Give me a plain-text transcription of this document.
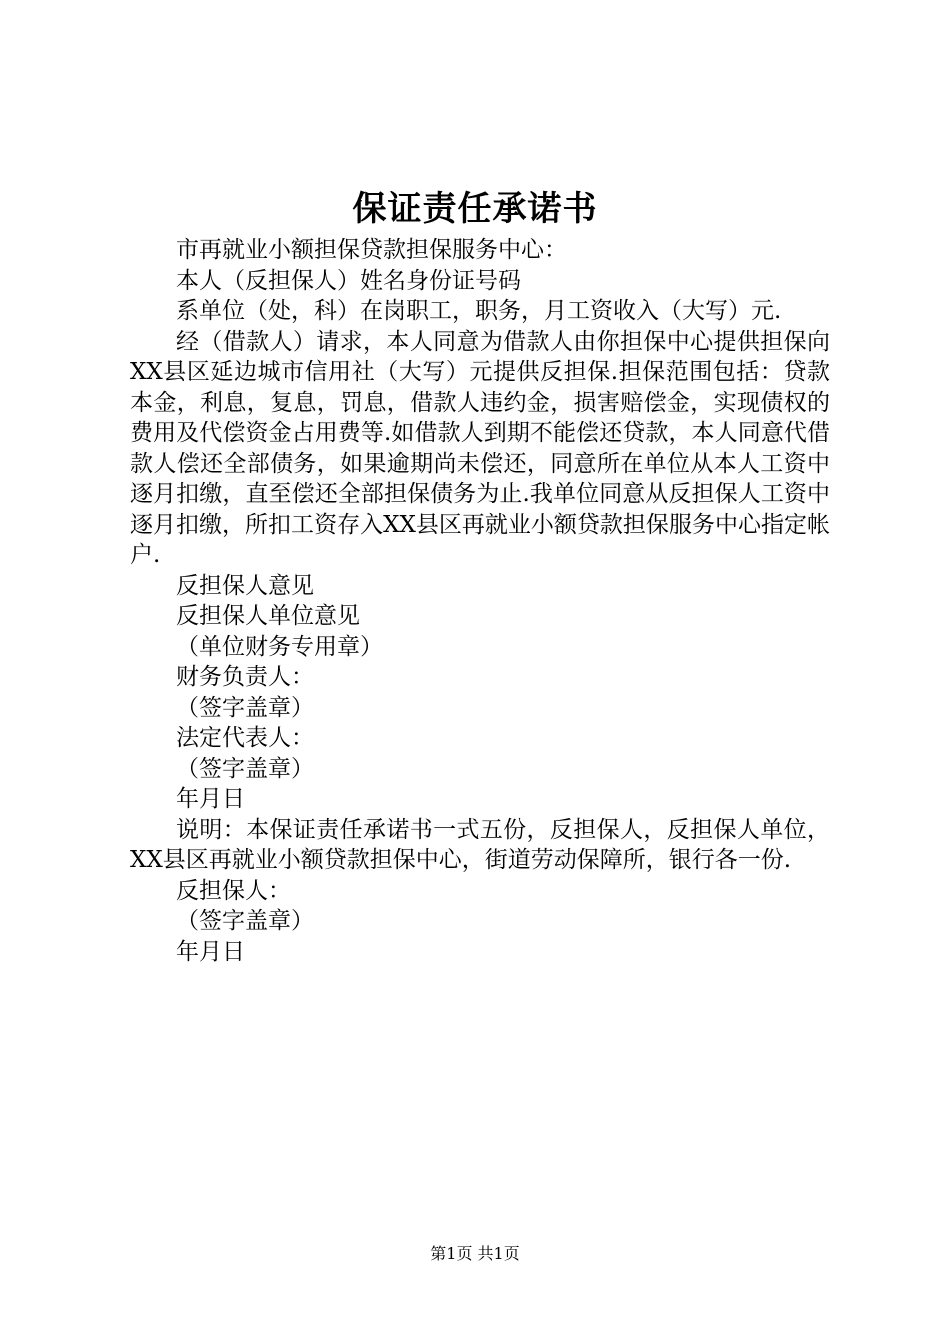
保证责任承诺书

市再就业小额担保贷款担保服务中心：

本人（反担保人）姓名身份证号码

系单位（处，科）在岗职工，职务，月工资收入（大写）元.

经（借款人）请求，本人同意为借款人由你担保中心提供担保向XX县区延边城市信用社（大写）元提供反担保.担保范围包括：贷款本金，利息，复息，罚息，借款人违约金，损害赔偿金，实现债权的费用及代偿资金占用费等.如借款人到期不能偿还贷款，本人同意代借款人偿还全部债务，如果逾期尚未偿还，同意所在单位从本人工资中逐月扣缴，直至偿还全部担保债务为止.我单位同意从反担保人工资中逐月扣缴，所扣工资存入XX县区再就业小额贷款担保服务中心指定帐户.

反担保人意见

反担保人单位意见

（单位财务专用章）

财务负责人：

（签字盖章）

法定代表人：

（签字盖章）

年月日

说明：本保证责任承诺书一式五份，反担保人，反担保人单位，XX县区再就业小额贷款担保中心，街道劳动保障所，银行各一份.

反担保人：

（签字盖章）

年月日

第1页 共1页
